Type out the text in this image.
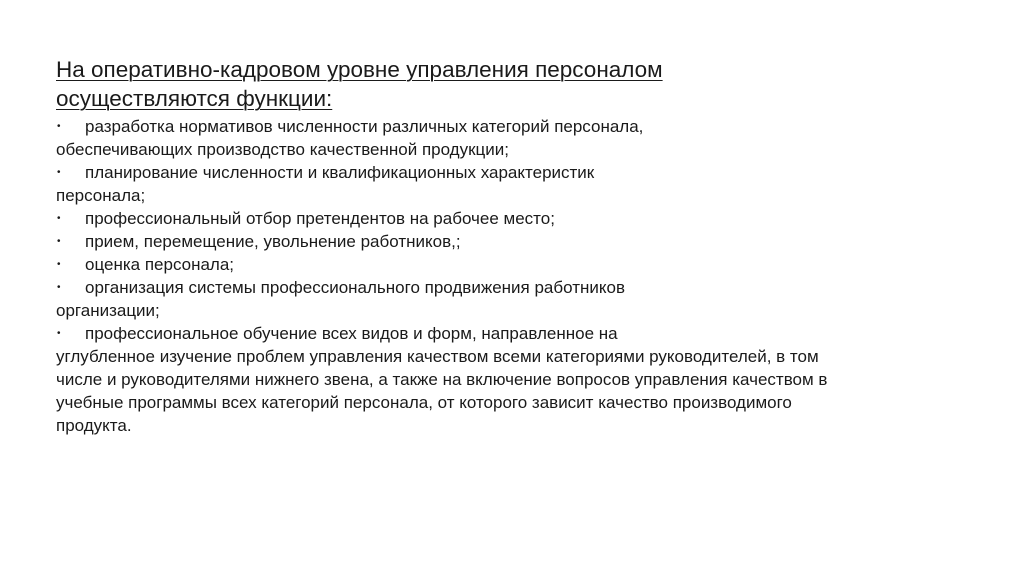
На оперативно-кадровом уровне управления персоналом
осуществляются функции:
• разработка нормативов численности различных категорий персонала,
обеспечивающих производство качественной продукции;
• планирование численности и квалификационных характеристик
персонала;
• профессиональный отбор претендентов на рабочее место;
• прием, перемещение, увольнение работников,;
• оценка персонала;
• организация системы профессионального продвижения работников
организации;
• профессиональное обучение всех видов и форм, направленное на
углубленное изучение проблем управления качеством всеми категориями руководителей, в том
числе и руководителями нижнего звена, а также на включение вопросов управления качеством в
учебные программы всех категорий персонала, от которого зависит качество производимого
продукта.
